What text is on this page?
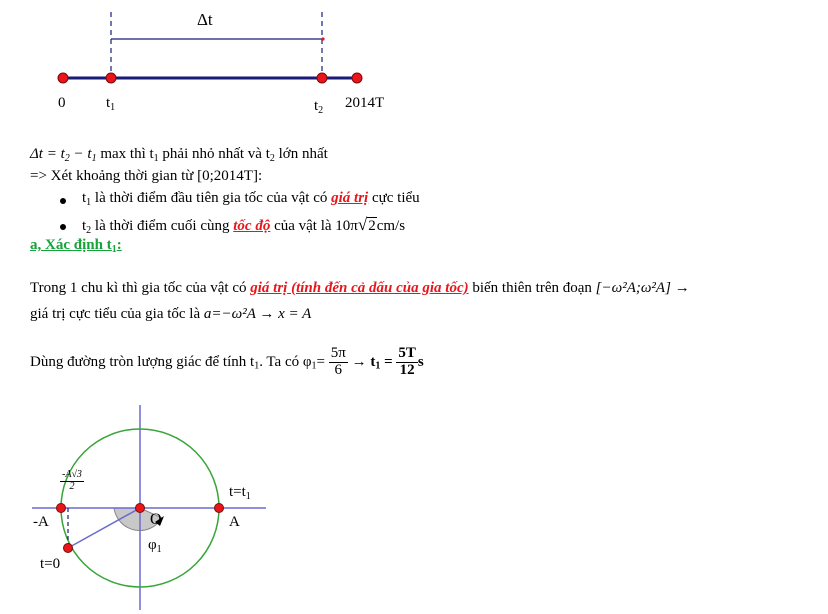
Δt
0	$t_1$	$t_2$ 2014T
$\Delta t = t_2 - t_1$ max thì $t_1$ phải nhỏ nhất và $t_2$ lớn nhất
=> Xét khoảng thời gian từ [0;2014T]:
$t_1$ là thời điểm đầu tiên gia tốc của vật có giá trị cực tiểu
$t_2$ là thời điểm cuối cùng tốc độ của vật là 10π√2cm/s
a, Xác định $t_1$:
Trong 1 chu kì thì gia tốc của vật có giá trị (tính đến cả dấu của gia tốc) biến thiên trên đoạn [−ω²A;ω²A] →
giá trị cực tiểu của gia tốc là a=−ω²A → x = A
Dùng đường tròn lượng giác để tính $t_1$. Ta có $\varphi_1= \frac{5\pi}{6} \to t_1 = \frac{5T}{12}$ s
$\frac{-A√3}{2}$
-A	A
O
$\varphi_1$
$t=t_1$
t=0
